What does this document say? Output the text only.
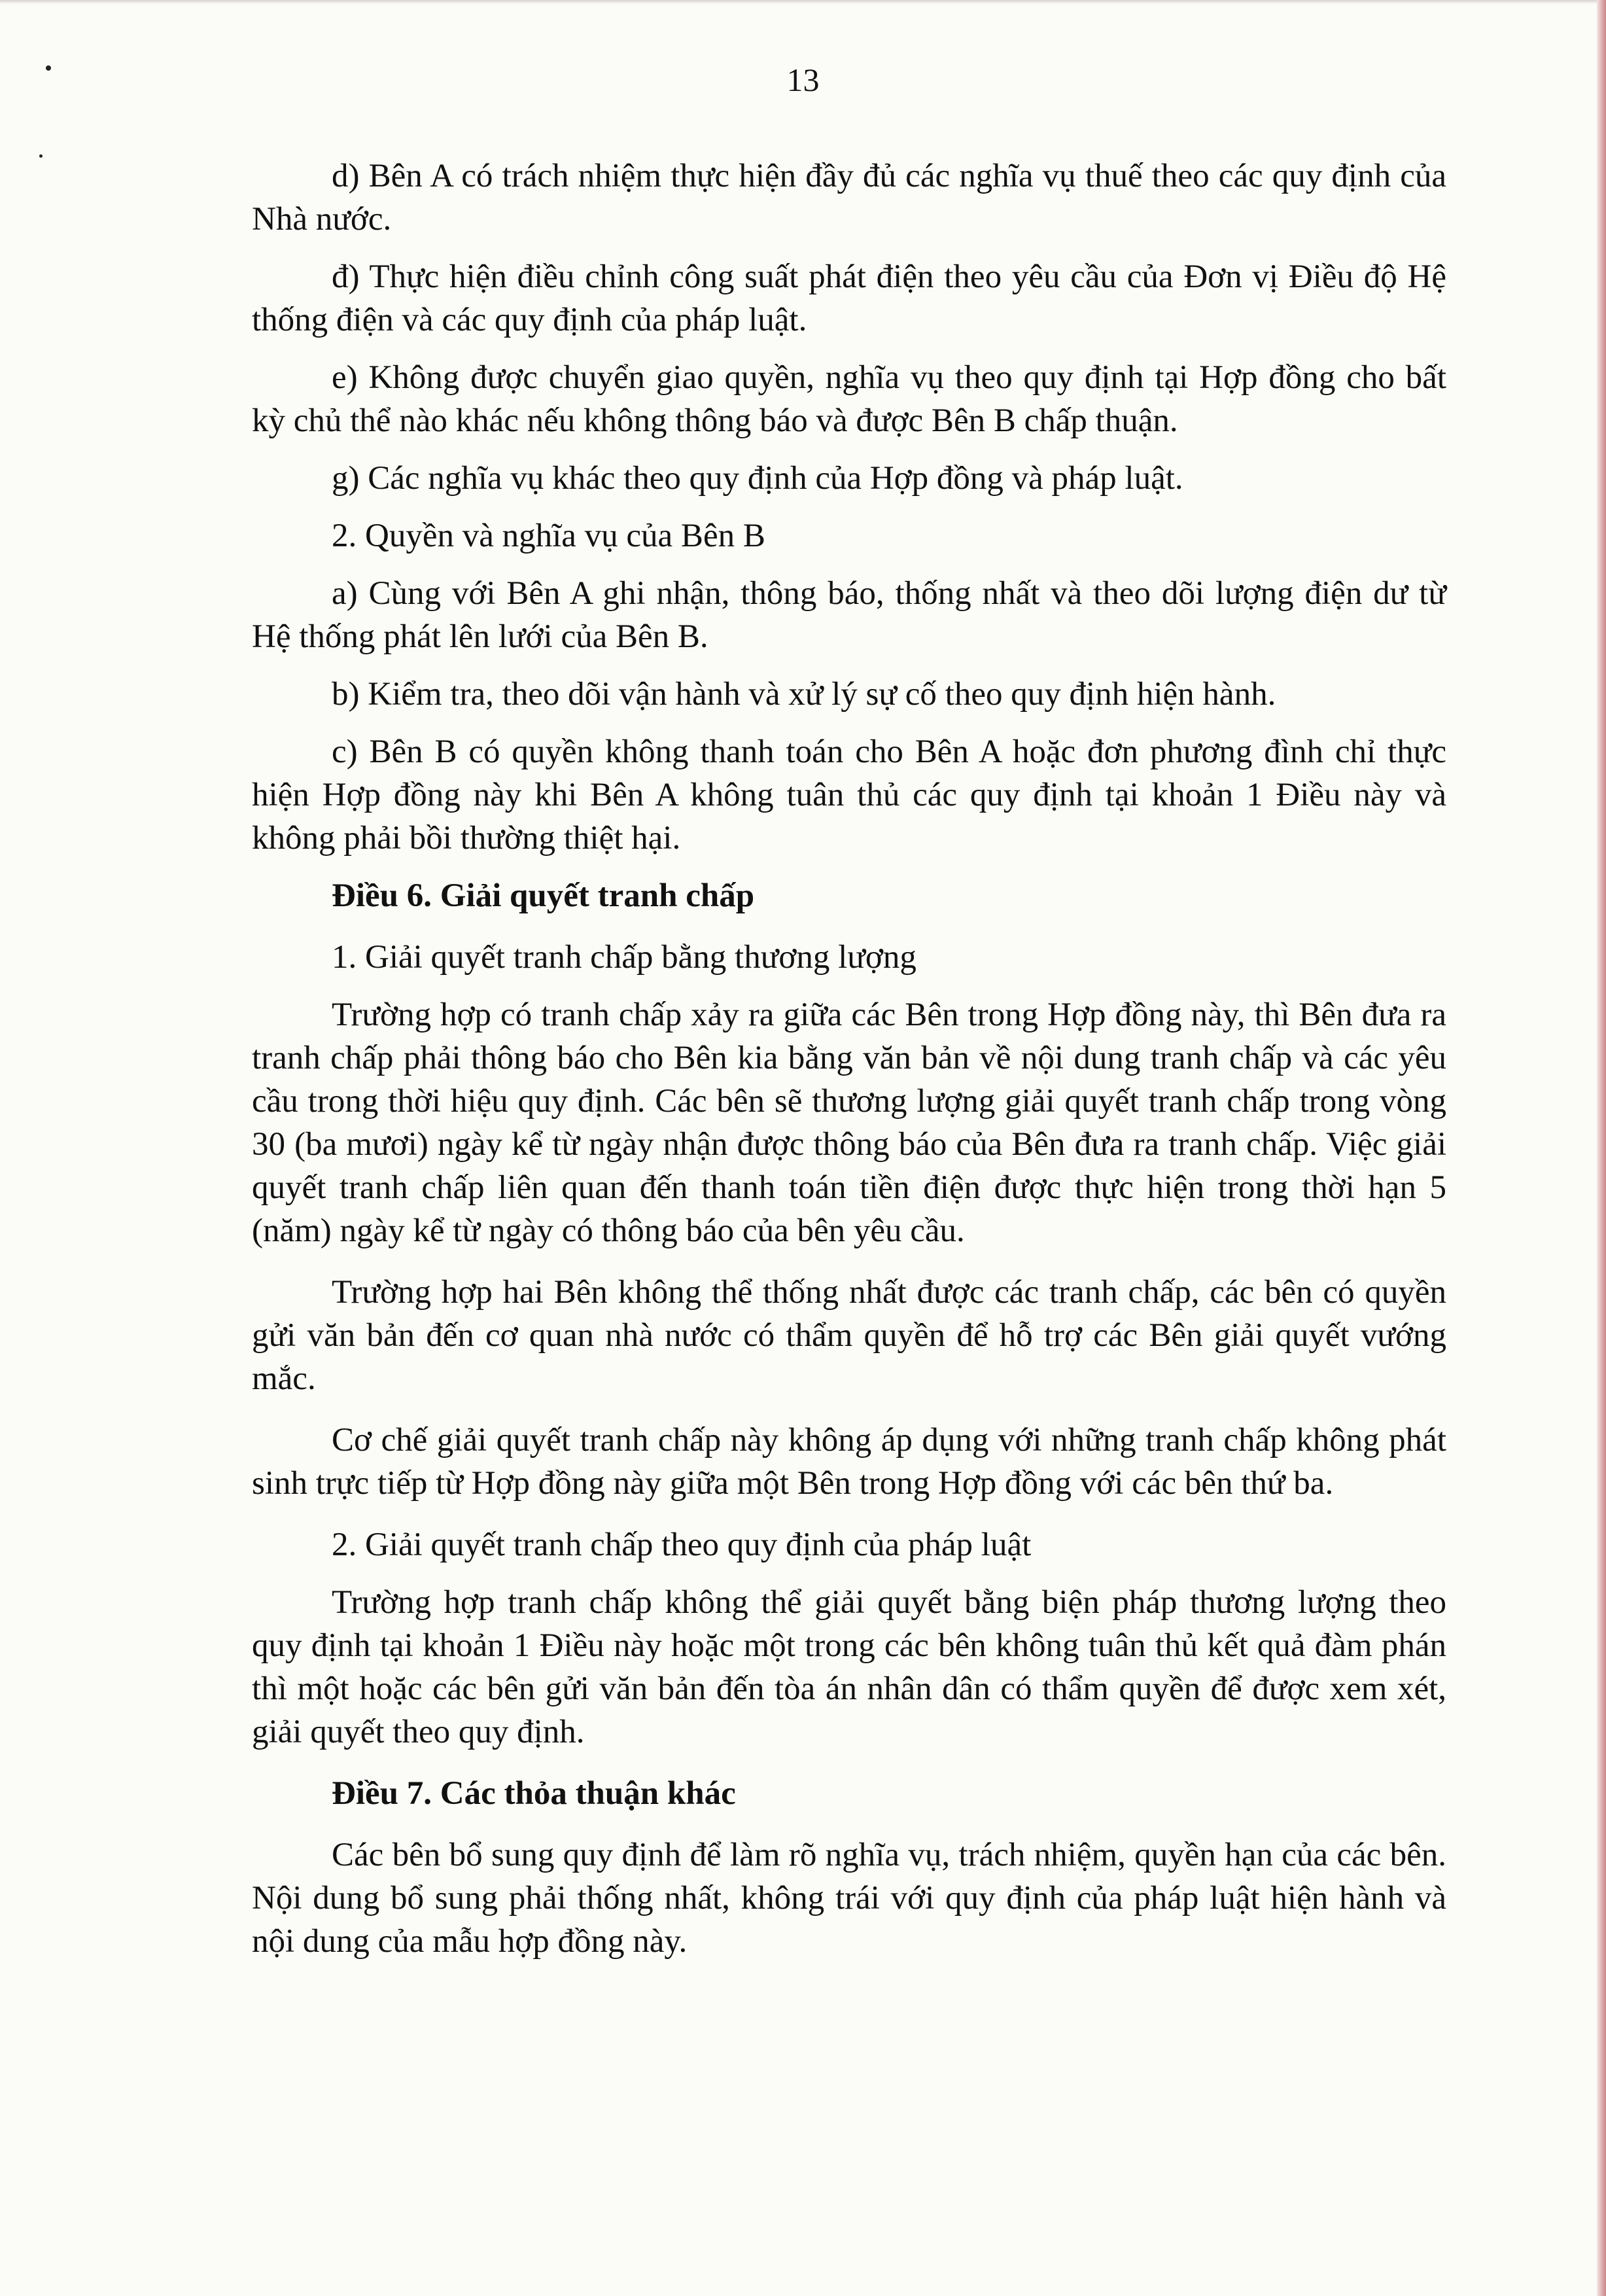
13

d) Bên A có trách nhiệm thực hiện đầy đủ các nghĩa vụ thuế theo các quy định của Nhà nước.

đ) Thực hiện điều chỉnh công suất phát điện theo yêu cầu của Đơn vị Điều độ Hệ thống điện và các quy định của pháp luật.

e) Không được chuyển giao quyền, nghĩa vụ theo quy định tại Hợp đồng cho bất kỳ chủ thể nào khác nếu không thông báo và được Bên B chấp thuận.

g) Các nghĩa vụ khác theo quy định của Hợp đồng và pháp luật.

2. Quyền và nghĩa vụ của Bên B

a) Cùng với Bên A ghi nhận, thông báo, thống nhất và theo dõi lượng điện dư từ Hệ thống phát lên lưới của Bên B.

b) Kiểm tra, theo dõi vận hành và xử lý sự cố theo quy định hiện hành.

c) Bên B có quyền không thanh toán cho Bên A hoặc đơn phương đình chỉ thực hiện Hợp đồng này khi Bên A không tuân thủ các quy định tại khoản 1 Điều này và không phải bồi thường thiệt hại.

Điều 6. Giải quyết tranh chấp

1. Giải quyết tranh chấp bằng thương lượng

Trường hợp có tranh chấp xảy ra giữa các Bên trong Hợp đồng này, thì Bên đưa ra tranh chấp phải thông báo cho Bên kia bằng văn bản về nội dung tranh chấp và các yêu cầu trong thời hiệu quy định. Các bên sẽ thương lượng giải quyết tranh chấp trong vòng 30 (ba mươi) ngày kể từ ngày nhận được thông báo của Bên đưa ra tranh chấp. Việc giải quyết tranh chấp liên quan đến thanh toán tiền điện được thực hiện trong thời hạn 5 (năm) ngày kể từ ngày có thông báo của bên yêu cầu.

Trường hợp hai Bên không thể thống nhất được các tranh chấp, các bên có quyền gửi văn bản đến cơ quan nhà nước có thẩm quyền để hỗ trợ các Bên giải quyết vướng mắc.

Cơ chế giải quyết tranh chấp này không áp dụng với những tranh chấp không phát sinh trực tiếp từ Hợp đồng này giữa một Bên trong Hợp đồng với các bên thứ ba.

2. Giải quyết tranh chấp theo quy định của pháp luật

Trường hợp tranh chấp không thể giải quyết bằng biện pháp thương lượng theo quy định tại khoản 1 Điều này hoặc một trong các bên không tuân thủ kết quả đàm phán thì một hoặc các bên gửi văn bản đến tòa án nhân dân có thẩm quyền để được xem xét, giải quyết theo quy định.

Điều 7. Các thỏa thuận khác

Các bên bổ sung quy định để làm rõ nghĩa vụ, trách nhiệm, quyền hạn của các bên. Nội dung bổ sung phải thống nhất, không trái với quy định của pháp luật hiện hành và nội dung của mẫu hợp đồng này.
